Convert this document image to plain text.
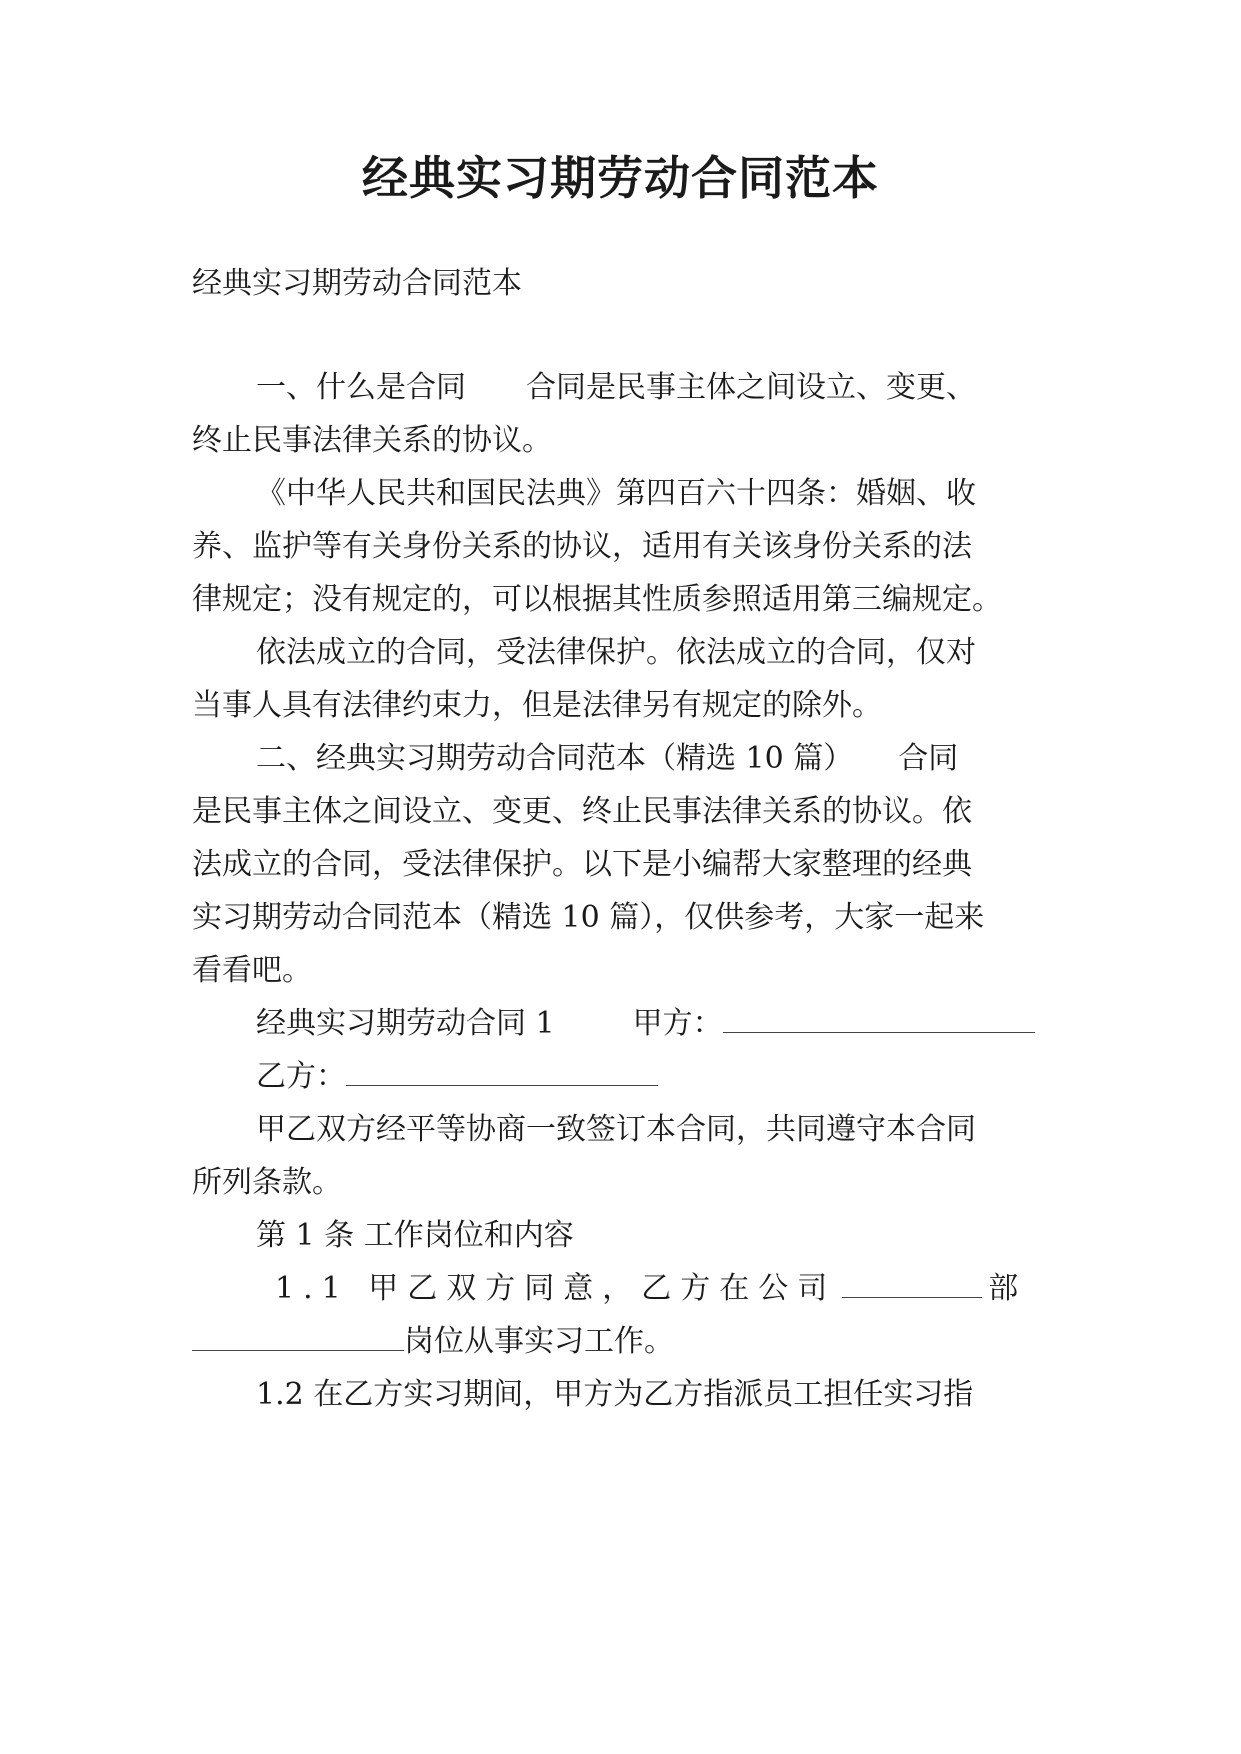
经典实习期劳动合同范本
经典实习期劳动合同范本
一、什么是合同　　合同是民事主体之间设立、变更、
终止民事法律关系的协议。
《中华人民共和国民法典》第四百六十四条：婚姻、收
养、监护等有关身份关系的协议，适用有关该身份关系的法
律规定；没有规定的，可以根据其性质参照适用第三编规定。
依法成立的合同，受法律保护。依法成立的合同，仅对
当事人具有法律约束力，但是法律另有规定的除外。
二、经典实习期劳动合同范本（精选 10 篇）　　合同
是民事主体之间设立、变更、终止民事法律关系的协议。依
法成立的合同，受法律保护。以下是小编帮大家整理的经典
实习期劳动合同范本（精选 10 篇），仅供参考，大家一起来
看看吧。
经典实习期劳动合同 1	甲方：
乙方：
甲乙双方经平等协商一致签订本合同，共同遵守本合同
所列条款。
第 1 条 工作岗位和内容
1.1 甲乙双方同意，乙方在公司	部
岗位从事实习工作。
1.2 在乙方实习期间，甲方为乙方指派员工担任实习指
